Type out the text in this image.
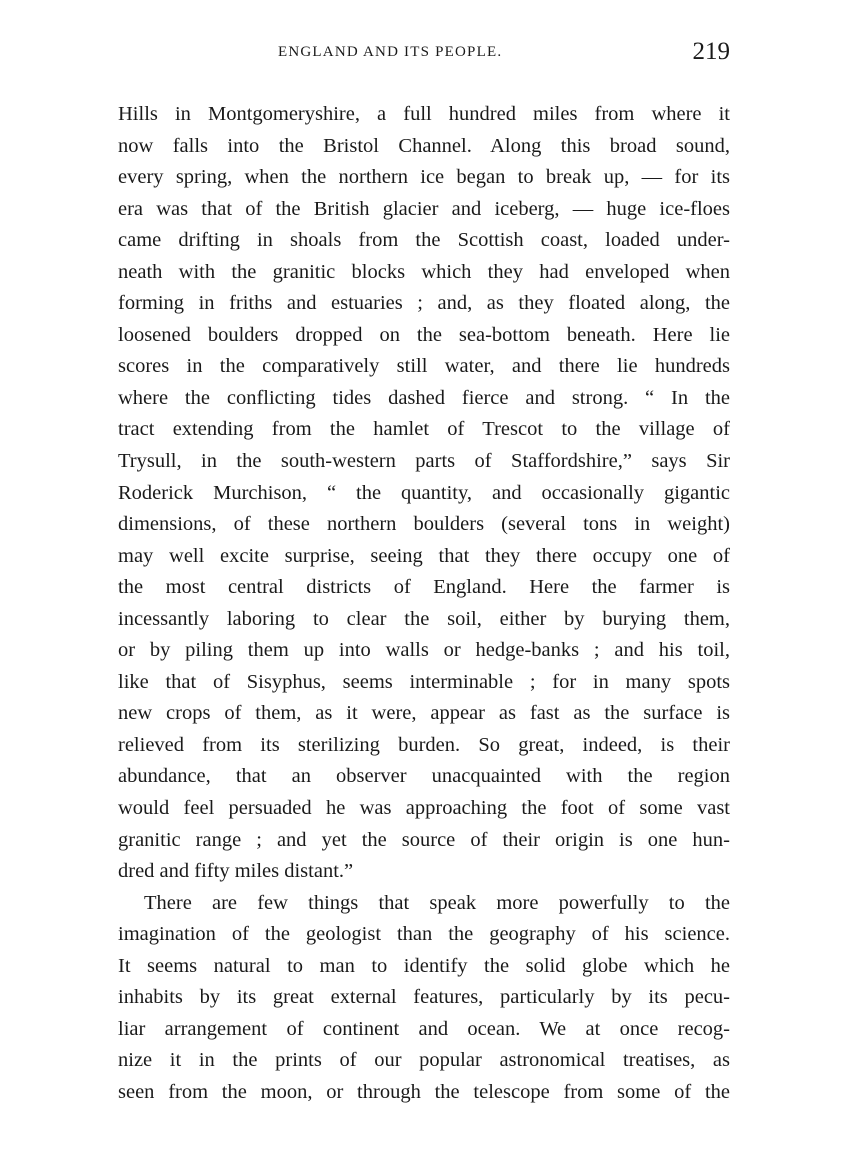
ENGLAND AND ITS PEOPLE.	219

Hills in Montgomeryshire, a full hundred miles from where it
now falls into the Bristol Channel. Along this broad sound,
every spring, when the northern ice began to break up, — for its
era was that of the British glacier and iceberg, — huge ice-floes
came drifting in shoals from the Scottish coast, loaded under-
neath with the granitic blocks which they had enveloped when
forming in friths and estuaries ; and, as they floated along, the
loosened boulders dropped on the sea-bottom beneath. Here lie
scores in the comparatively still water, and there lie hundreds
where the conflicting tides dashed fierce and strong. “ In the
tract extending from the hamlet of Trescot to the village of
Trysull, in the south-western parts of Staffordshire,” says Sir
Roderick Murchison, “ the quantity, and occasionally gigantic
dimensions, of these northern boulders (several tons in weight)
may well excite surprise, seeing that they there occupy one of
the most central districts of England. Here the farmer is
incessantly laboring to clear the soil, either by burying them,
or by piling them up into walls or hedge-banks ; and his toil,
like that of Sisyphus, seems interminable ; for in many spots
new crops of them, as it were, appear as fast as the surface is
relieved from its sterilizing burden. So great, indeed, is their
abundance, that an observer unacquainted with the region
would feel persuaded he was approaching the foot of some vast
granitic range ; and yet the source of their origin is one hun-
dred and fifty miles distant.”

There are few things that speak more powerfully to the
imagination of the geologist than the geography of his science.
It seems natural to man to identify the solid globe which he
inhabits by its great external features, particularly by its pecu-
liar arrangement of continent and ocean. We at once recog-
nize it in the prints of our popular astronomical treatises, as
seen from the moon, or through the telescope from some of the
